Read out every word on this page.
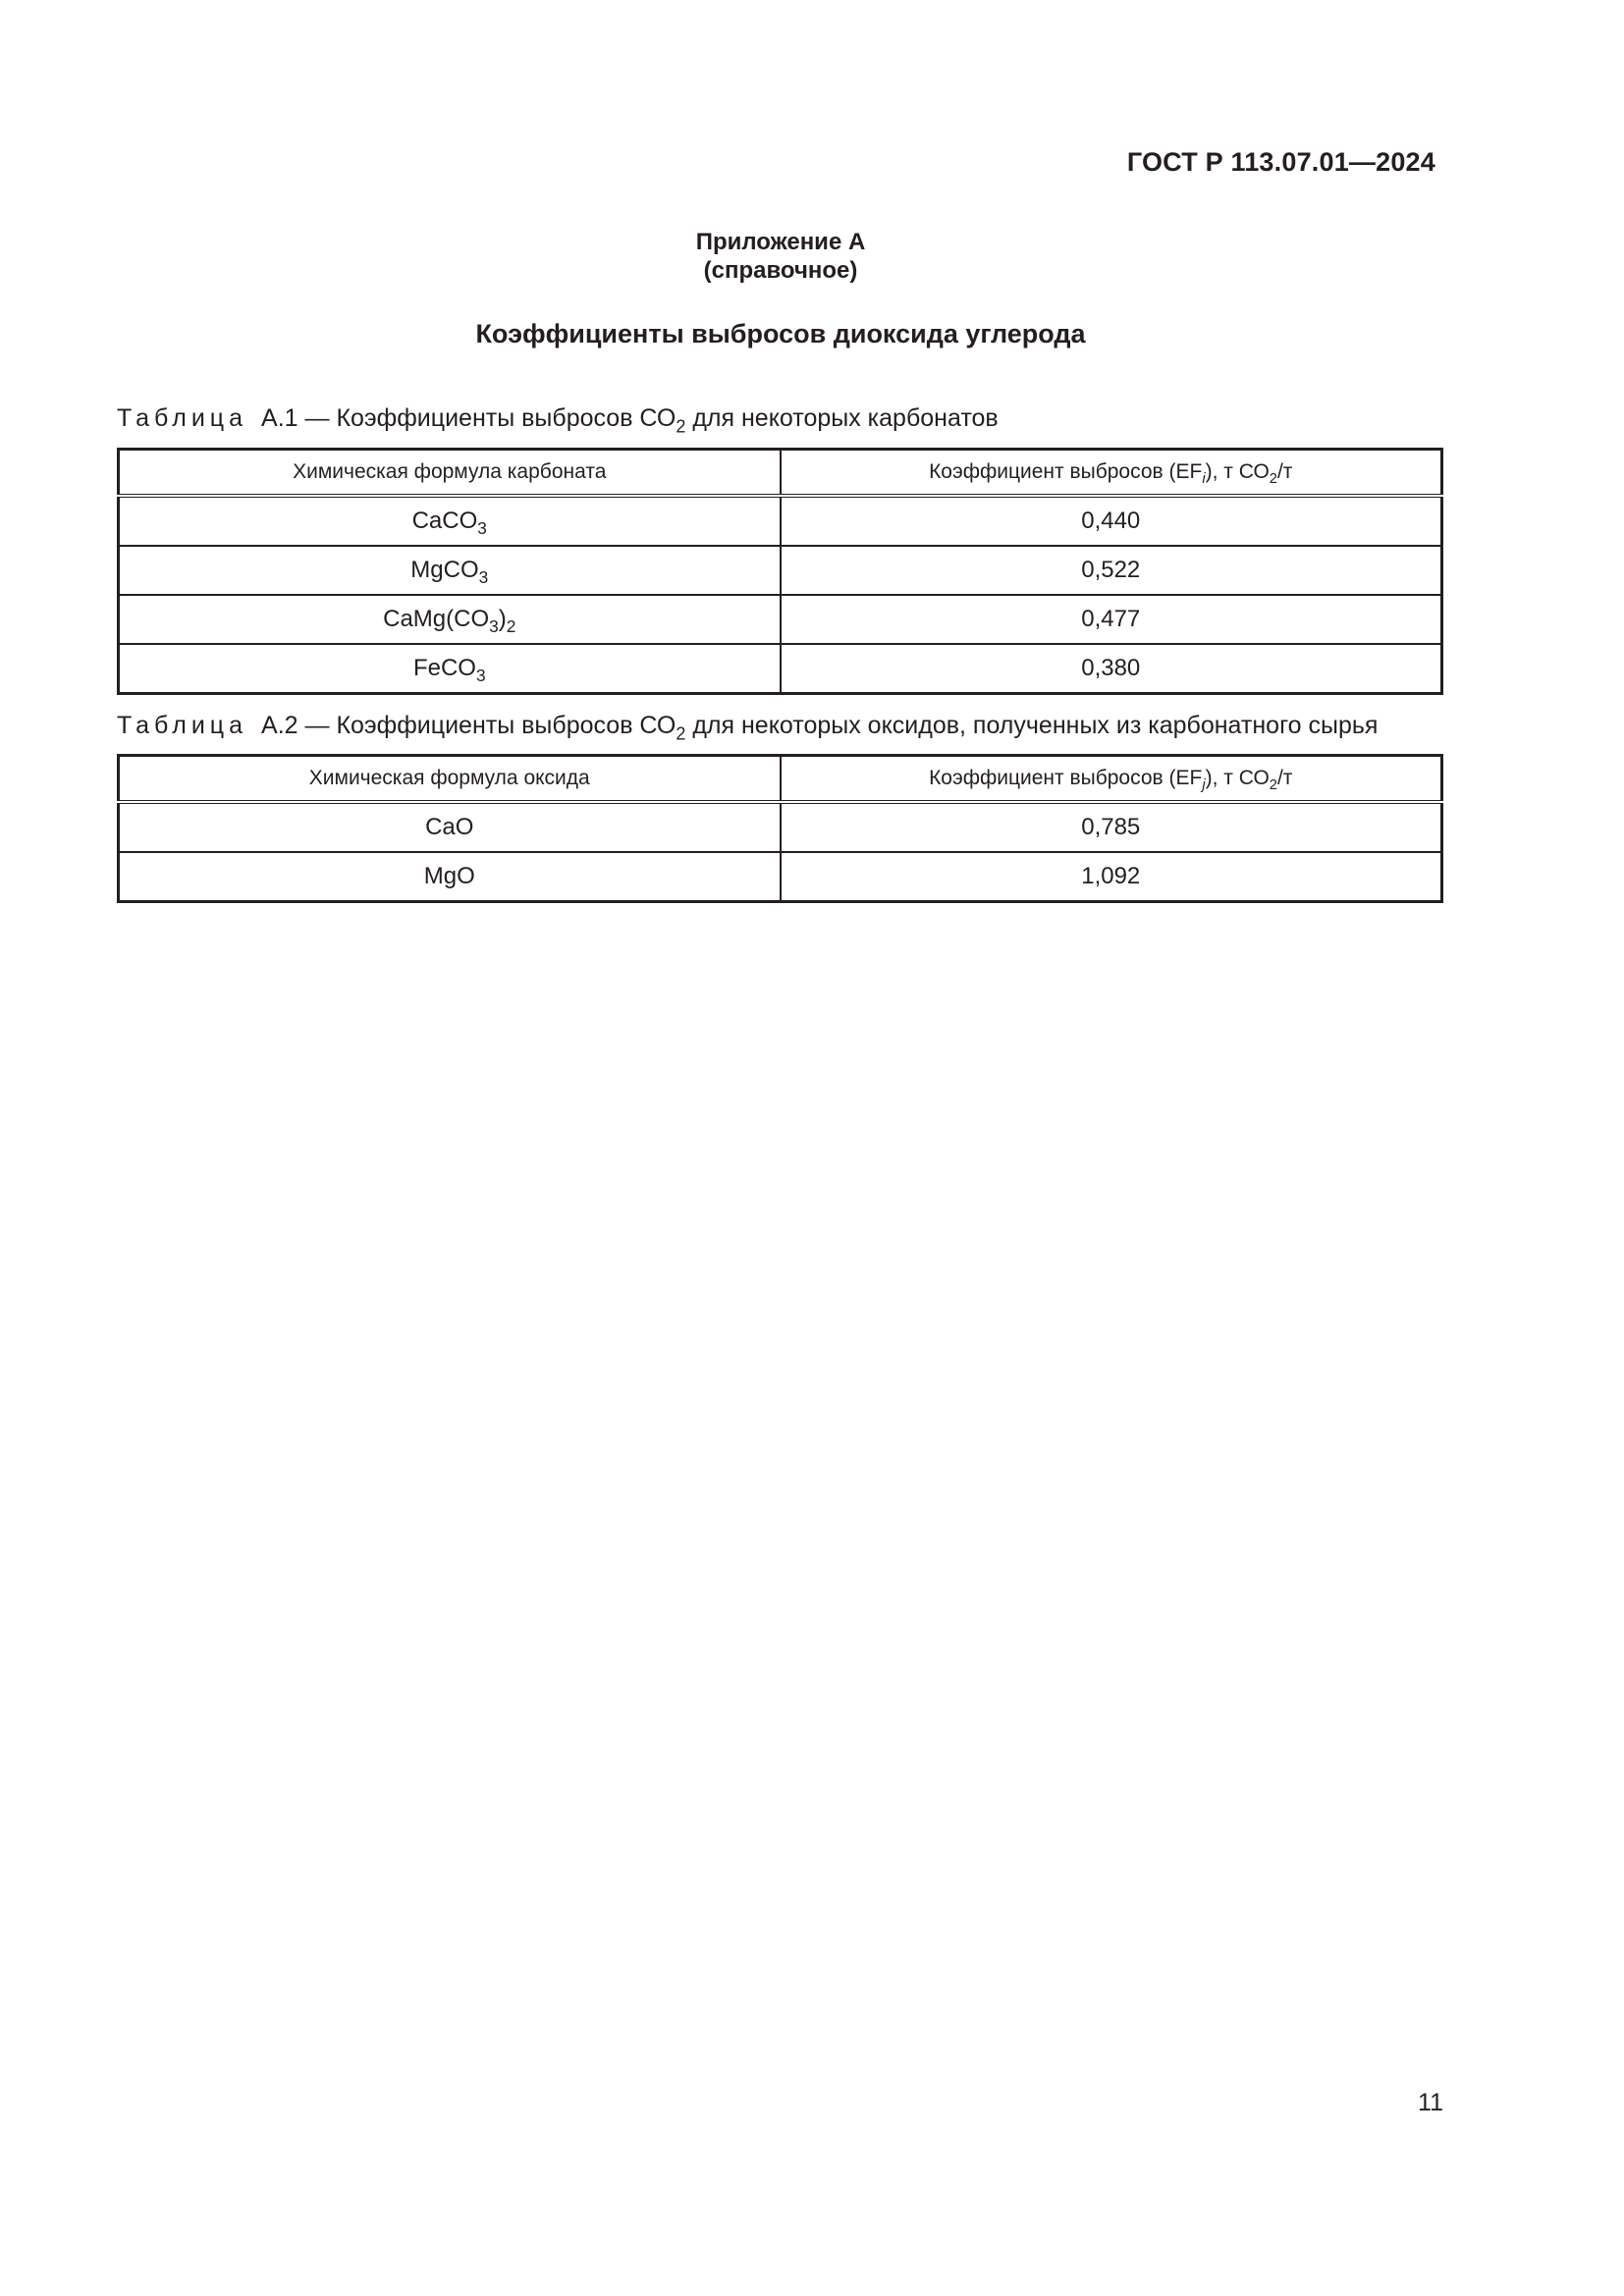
ГОСТ Р 113.07.01—2024
Приложение А
(справочное)
Коэффициенты выбросов диоксида углерода
Таблица А.1 — Коэффициенты выбросов $СО_2$ для некоторых карбонатов
Химическая формула карбоната	Коэффициент выбросов $(EF_i)$, т $СО_2/т$
CaCO$_3$	0,440
MgCO$_3$	0,522
$CaMg(CO_3)_2$	0,477
FeCO$_3$	0,380
Таблица А.2 — Коэффициенты выбросов $СО_2$ для некоторых оксидов, полученных из карбонатного сырья
Химическая формула оксида	Коэффициент выбросов $(EF_j)$, т $СО_2/т$
CaO	0,785
MgO	1,092
11
